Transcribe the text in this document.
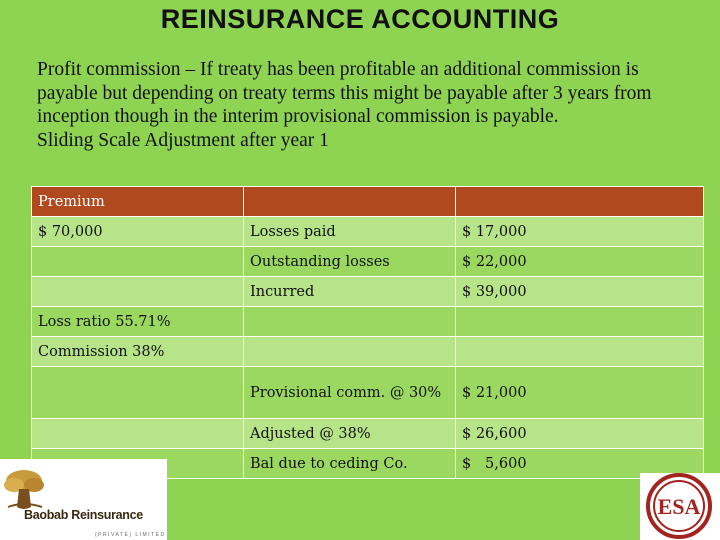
REINSURANCE ACCOUNTING

Profit commission – If treaty has been profitable an additional commission is payable but depending on treaty terms this might be payable after 3 years from inception though in the interim provisional commission is payable.

Sliding Scale Adjustment after year 1

Premium		
$ 70,000	Losses paid	$ 17,000
	Outstanding losses	$ 22,000
	Incurred	$ 39,000
Loss ratio 55.71%		
Commission 38%		
	Provisional comm. @ 30%	$ 21,000
	Adjusted @ 38%	$ 26,600
	Bal due to ceding Co.	$   5,600
Baobab Reinsurance
(PRIVATE) LIMITED
ESA
